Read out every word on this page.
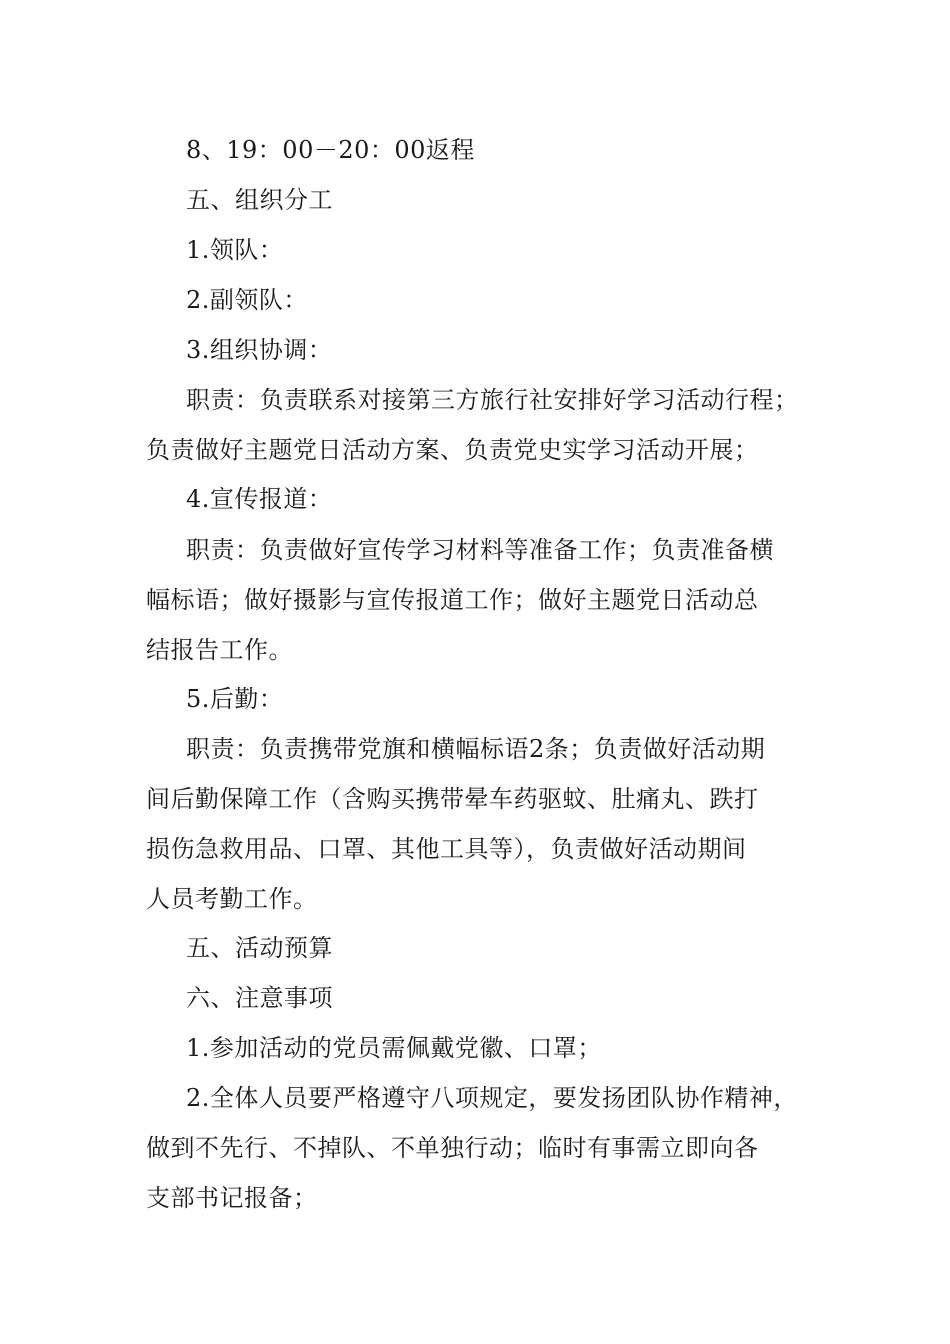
8、19：00－20：00返程
五、组织分工
1.领队：
2.副领队：
3.组织协调：
职责：负责联系对接第三方旅行社安排好学习活动行程；
负责做好主题党日活动方案、负责党史实学习活动开展；
4.宣传报道：
职责：负责做好宣传学习材料等准备工作；负责准备横
幅标语；做好摄影与宣传报道工作；做好主题党日活动总
结报告工作。
5.后勤：
职责：负责携带党旗和横幅标语2条；负责做好活动期
间后勤保障工作（含购买携带晕车药驱蚊、肚痛丸、跌打
损伤急救用品、口罩、其他工具等），负责做好活动期间
人员考勤工作。
五、活动预算
六、注意事项
1.参加活动的党员需佩戴党徽、口罩；
2.全体人员要严格遵守八项规定，要发扬团队协作精神，
做到不先行、不掉队、不单独行动；临时有事需立即向各
支部书记报备；
